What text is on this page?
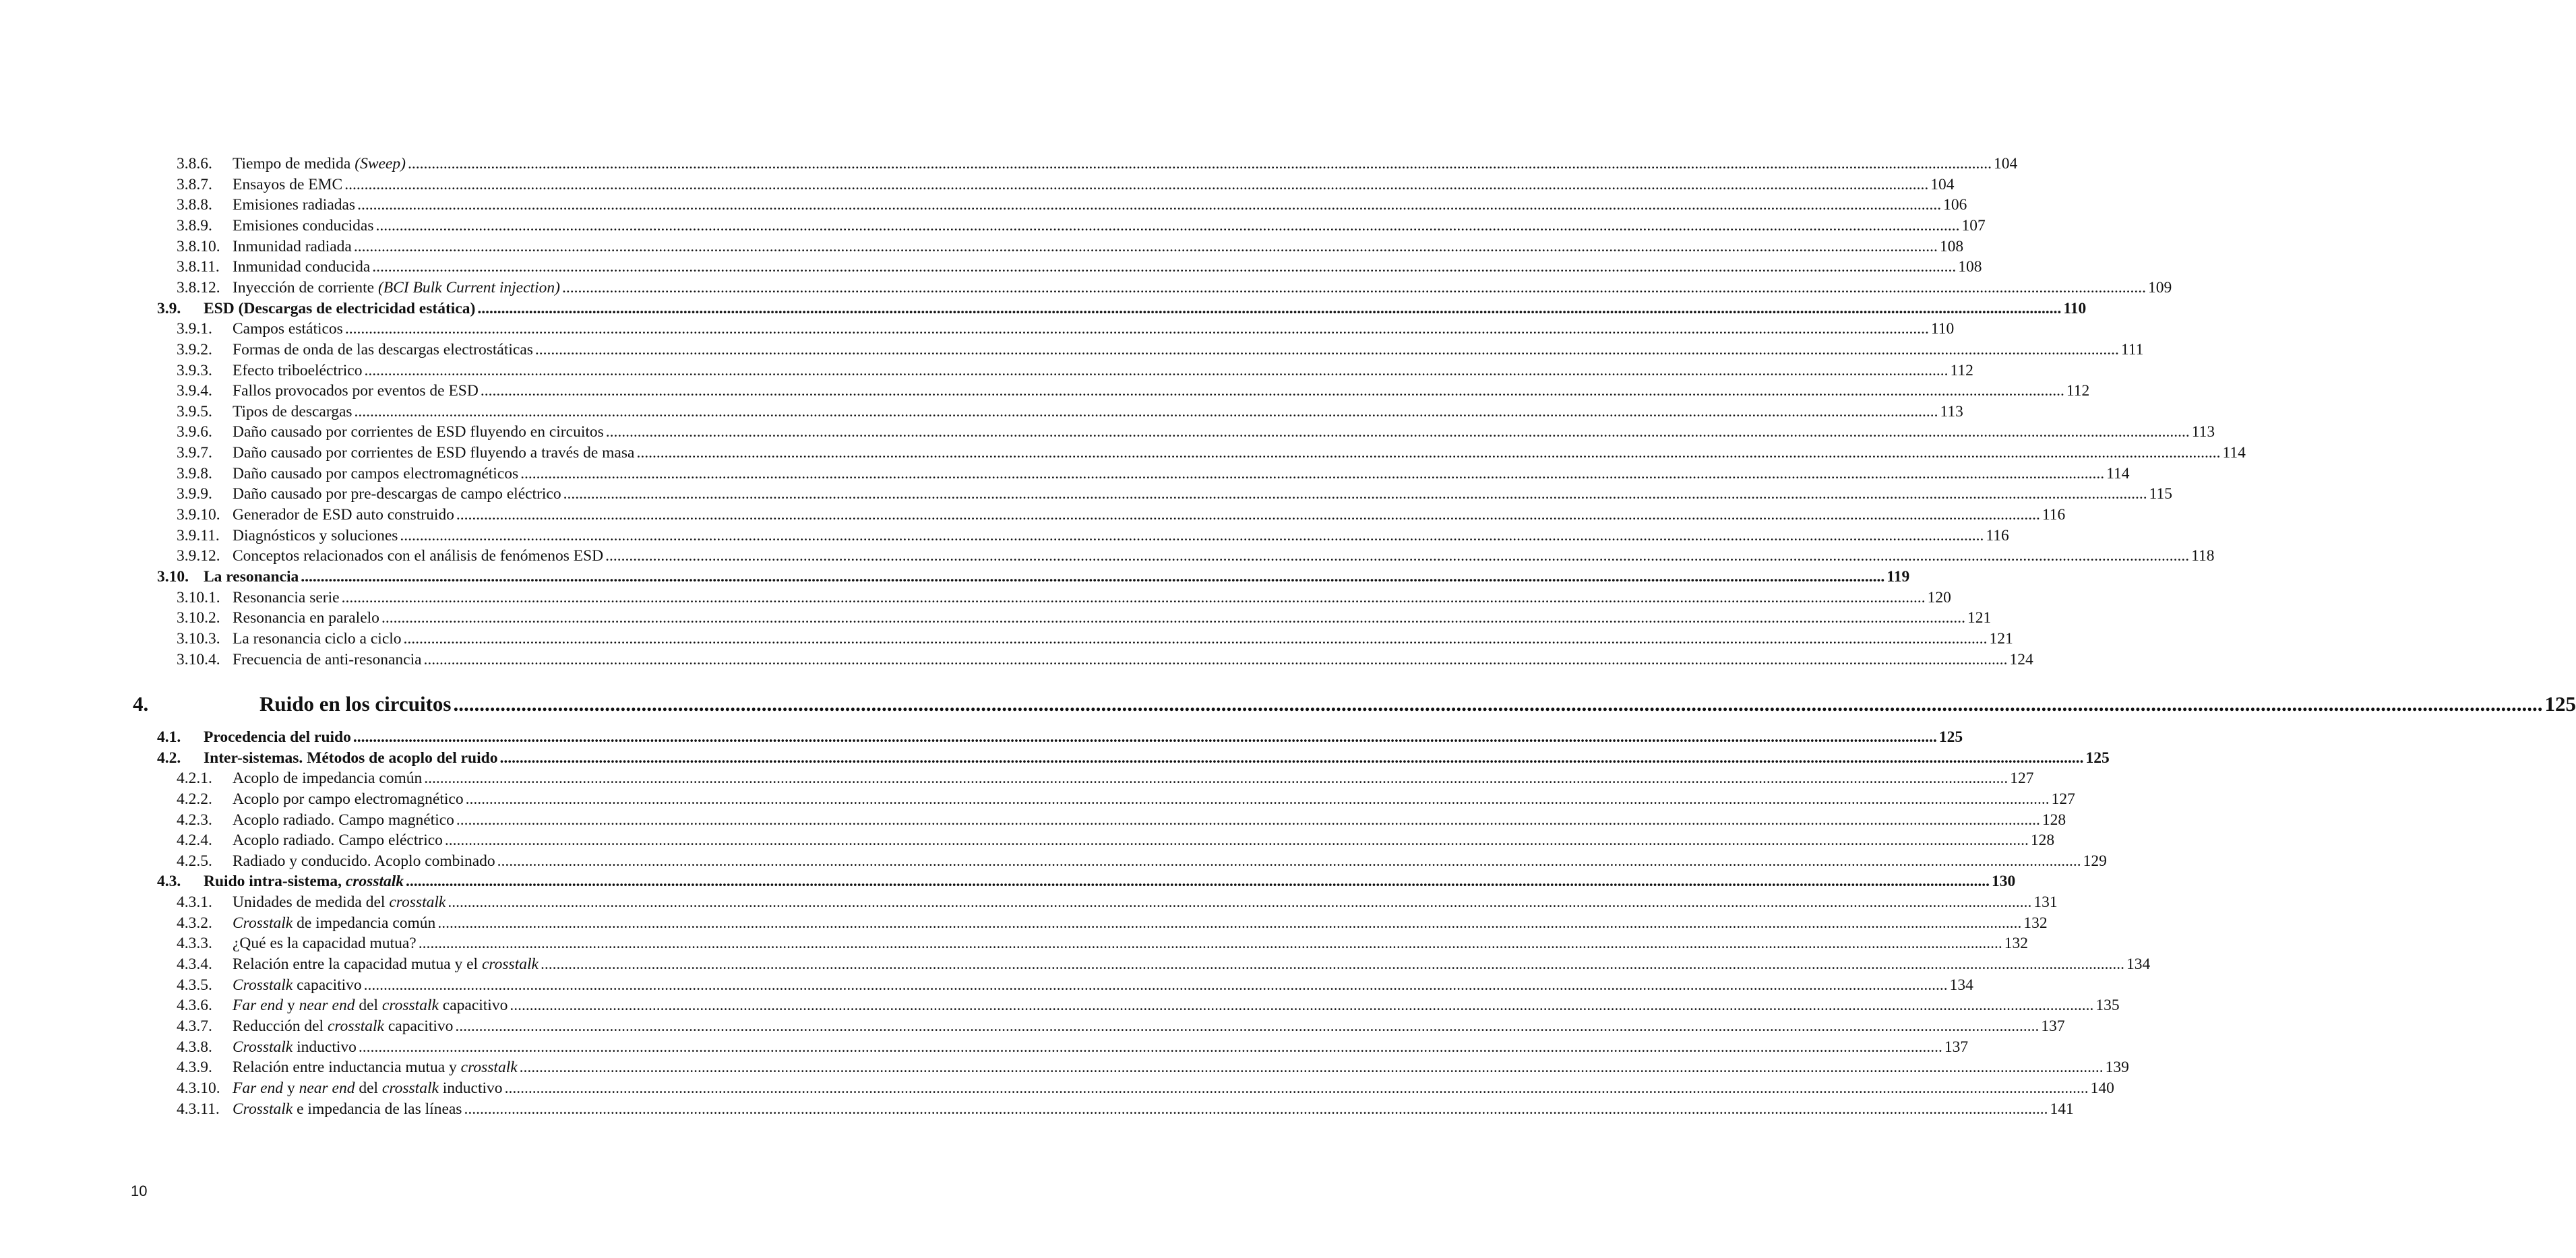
3.8.6. Tiempo de medida (Sweep) ................................................................................................................................................................................................................................................................................................................................................................................................................ 104
3.8.7. Ensayos de EMC ................................................................................................................................................................................................................................................................................................................................................................................................................ 104
3.8.8. Emisiones radiadas ................................................................................................................................................................................................................................................................................................................................................................................................................ 106
3.8.9. Emisiones conducidas ................................................................................................................................................................................................................................................................................................................................................................................................................ 107
3.8.10. Inmunidad radiada ................................................................................................................................................................................................................................................................................................................................................................................................................ 108
3.8.11. Inmunidad conducida ................................................................................................................................................................................................................................................................................................................................................................................................................ 108
3.8.12. Inyección de corriente (BCI Bulk Current injection) ................................................................................................................................................................................................................................................................................................................................................................................................................ 109
3.9. ESD (Descargas de electricidad estática) ................................................................................................................................................................................................................................................................................................................................................................................................................ 110
3.9.1. Campos estáticos ................................................................................................................................................................................................................................................................................................................................................................................................................ 110
3.9.2. Formas de onda de las descargas electrostáticas ................................................................................................................................................................................................................................................................................................................................................................................................................ 111
3.9.3. Efecto triboeléctrico ................................................................................................................................................................................................................................................................................................................................................................................................................ 112
3.9.4. Fallos provocados por eventos de ESD ................................................................................................................................................................................................................................................................................................................................................................................................................ 112
3.9.5. Tipos de descargas ................................................................................................................................................................................................................................................................................................................................................................................................................ 113
3.9.6. Daño causado por corrientes de ESD fluyendo en circuitos ................................................................................................................................................................................................................................................................................................................................................................................................................ 113
3.9.7. Daño causado por corrientes de ESD fluyendo a través de masa ................................................................................................................................................................................................................................................................................................................................................................................................................ 114
3.9.8. Daño causado por campos electromagnéticos ................................................................................................................................................................................................................................................................................................................................................................................................................ 114
3.9.9. Daño causado por pre-descargas de campo eléctrico ................................................................................................................................................................................................................................................................................................................................................................................................................ 115
3.9.10. Generador de ESD auto construido ................................................................................................................................................................................................................................................................................................................................................................................................................ 116
3.9.11. Diagnósticos y soluciones ................................................................................................................................................................................................................................................................................................................................................................................................................ 116
3.9.12. Conceptos relacionados con el análisis de fenómenos ESD ................................................................................................................................................................................................................................................................................................................................................................................................................ 118
3.10. La resonancia ................................................................................................................................................................................................................................................................................................................................................................................................................ 119
3.10.1. Resonancia serie ................................................................................................................................................................................................................................................................................................................................................................................................................ 120
3.10.2. Resonancia en paralelo ................................................................................................................................................................................................................................................................................................................................................................................................................ 121
3.10.3. La resonancia ciclo a ciclo ................................................................................................................................................................................................................................................................................................................................................................................................................ 121
3.10.4. Frecuencia de anti-resonancia ................................................................................................................................................................................................................................................................................................................................................................................................................ 124
4.	Ruido en los circuitos ................................................................................................................................................................................................................................................................................................................................................................................................................ 125
4.1. Procedencia del ruido ................................................................................................................................................................................................................................................................................................................................................................................................................ 125
4.2. Inter-sistemas. Métodos de acoplo del ruido ................................................................................................................................................................................................................................................................................................................................................................................................................ 125
4.2.1. Acoplo de impedancia común ................................................................................................................................................................................................................................................................................................................................................................................................................ 127
4.2.2. Acoplo por campo electromagnético ................................................................................................................................................................................................................................................................................................................................................................................................................ 127
4.2.3. Acoplo radiado. Campo magnético ................................................................................................................................................................................................................................................................................................................................................................................................................ 128
4.2.4. Acoplo radiado. Campo eléctrico ................................................................................................................................................................................................................................................................................................................................................................................................................ 128
4.2.5. Radiado y conducido. Acoplo combinado ................................................................................................................................................................................................................................................................................................................................................................................................................ 129
4.3. Ruido intra-sistema, crosstalk ................................................................................................................................................................................................................................................................................................................................................................................................................ 130
4.3.1. Unidades de medida del crosstalk ................................................................................................................................................................................................................................................................................................................................................................................................................ 131
4.3.2. Crosstalk de impedancia común ................................................................................................................................................................................................................................................................................................................................................................................................................ 132
4.3.3. ¿Qué es la capacidad mutua? ................................................................................................................................................................................................................................................................................................................................................................................................................ 132
4.3.4. Relación entre la capacidad mutua y el crosstalk ................................................................................................................................................................................................................................................................................................................................................................................................................ 134
4.3.5. Crosstalk capacitivo ................................................................................................................................................................................................................................................................................................................................................................................................................ 134
4.3.6. Far end y near end del crosstalk capacitivo ................................................................................................................................................................................................................................................................................................................................................................................................................ 135
4.3.7. Reducción del crosstalk capacitivo ................................................................................................................................................................................................................................................................................................................................................................................................................ 137
4.3.8. Crosstalk inductivo ................................................................................................................................................................................................................................................................................................................................................................................................................ 137
4.3.9. Relación entre inductancia mutua y crosstalk ................................................................................................................................................................................................................................................................................................................................................................................................................ 139
4.3.10. Far end y near end del crosstalk inductivo ................................................................................................................................................................................................................................................................................................................................................................................................................ 140
4.3.11. Crosstalk e impedancia de las líneas ................................................................................................................................................................................................................................................................................................................................................................................................................ 141
10
